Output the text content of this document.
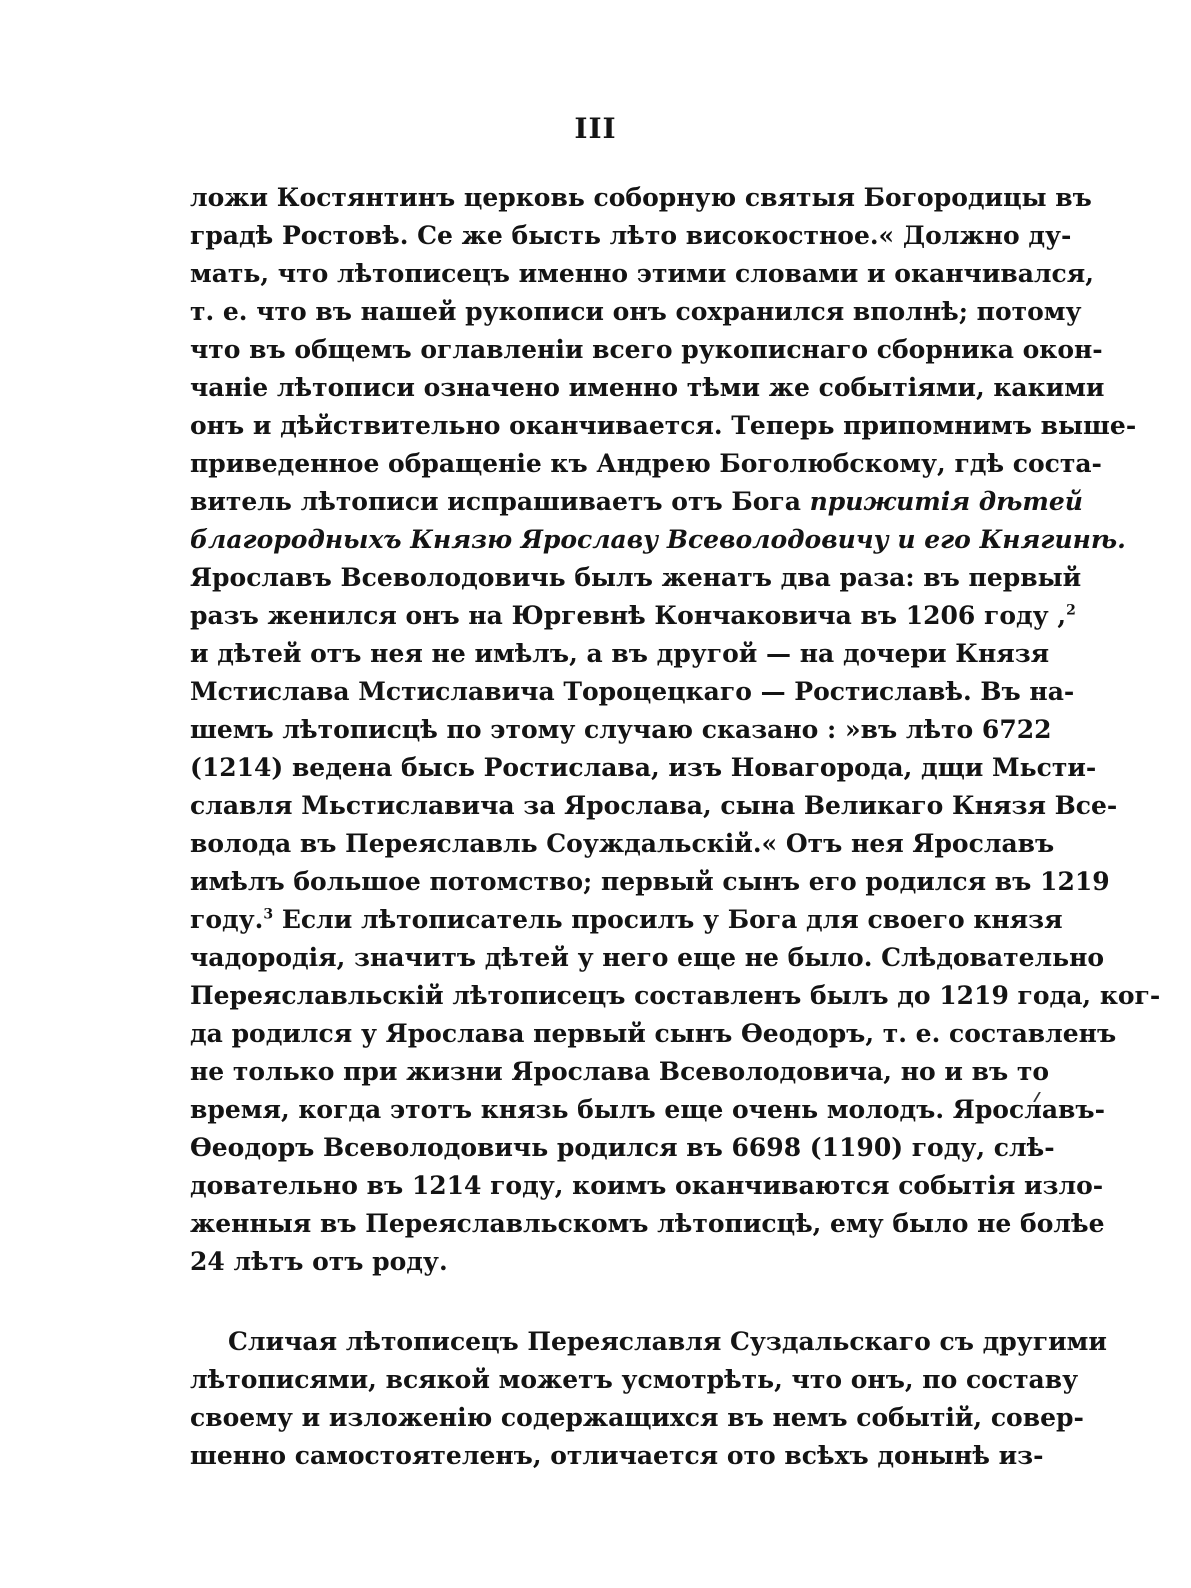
III
ложи Костянтинъ церковь соборную святыя Богородицы въ
градѣ Ростовѣ. Се же бысть лѣто високостное.« Должно ду-
мать, что лѣтописецъ именно этими словами и оканчивался,
т. е. что въ нашей рукописи онъ сохранился вполнѣ; потому
что въ общемъ оглавленіи всего рукописнаго сборника окон-
чаніе лѣтописи означено именно тѣми же событіями, какими
онъ и дѣйствительно оканчивается. Теперь припомнимъ выше-
приведенное обращеніе къ Андрею Боголюбскому, гдѣ соста-
витель лѣтописи испрашиваетъ отъ Бога прижитія дѣтей
благородныхъ Князю Ярославу Всеволодовичу и его Княгинѣ.
Ярославъ Всеволодовичь былъ женатъ два раза: въ первый
разъ женился онъ на Юргевнѣ Кончаковича въ 1206 году ,$^2$
и дѣтей отъ нея не имѣлъ, а въ другой — на дочери Князя
Мстислава Мстиславича Тороцецкаго — Ростиславѣ. Въ на-
шемъ лѣтописцѣ по этому случаю сказано : »въ лѣто 6722
(1214) ведена бысь Ростислава, изъ Новагорода, дщи Мьсти-
славля Мьстиславича за Ярослава, сына Великаго Князя Все-
волода въ Переяславль Соуждальскій.« Отъ нея Ярославъ
имѣлъ большое потомство; первый сынъ его родился въ 1219
году.$^3$ Если лѣтописатель просилъ у Бога для своего князя
чадородія, значитъ дѣтей у него еще не было. Слѣдовательно
Переяславльскій лѣтописецъ составленъ былъ до 1219 года, ког-
да родился у Ярослава первый сынъ Ѳеодоръ, т. е. составленъ
не только при жизни Ярослава Всеволодовича, но и въ то
время, когда этотъ князь былъ еще очень молодъ. Ярославъ-
Ѳеодоръ Всеволодовичь родился въ 6698 (1190) году, слѣ-
довательно въ 1214 году, коимъ оканчиваются событія изло-
женныя въ Переяславльскомъ лѣтописцѣ, ему было не болѣе
24 лѣтъ отъ роду.
Сличая лѣтописецъ Переяславля Суздальскаго съ другими
лѣтописями, всякой можетъ усмотрѣть, что онъ, по составу
своему и изложенію содержащихся въ немъ событій, совер-
шенно самостоятеленъ, отличается ото всѣхъ донынѣ из-
